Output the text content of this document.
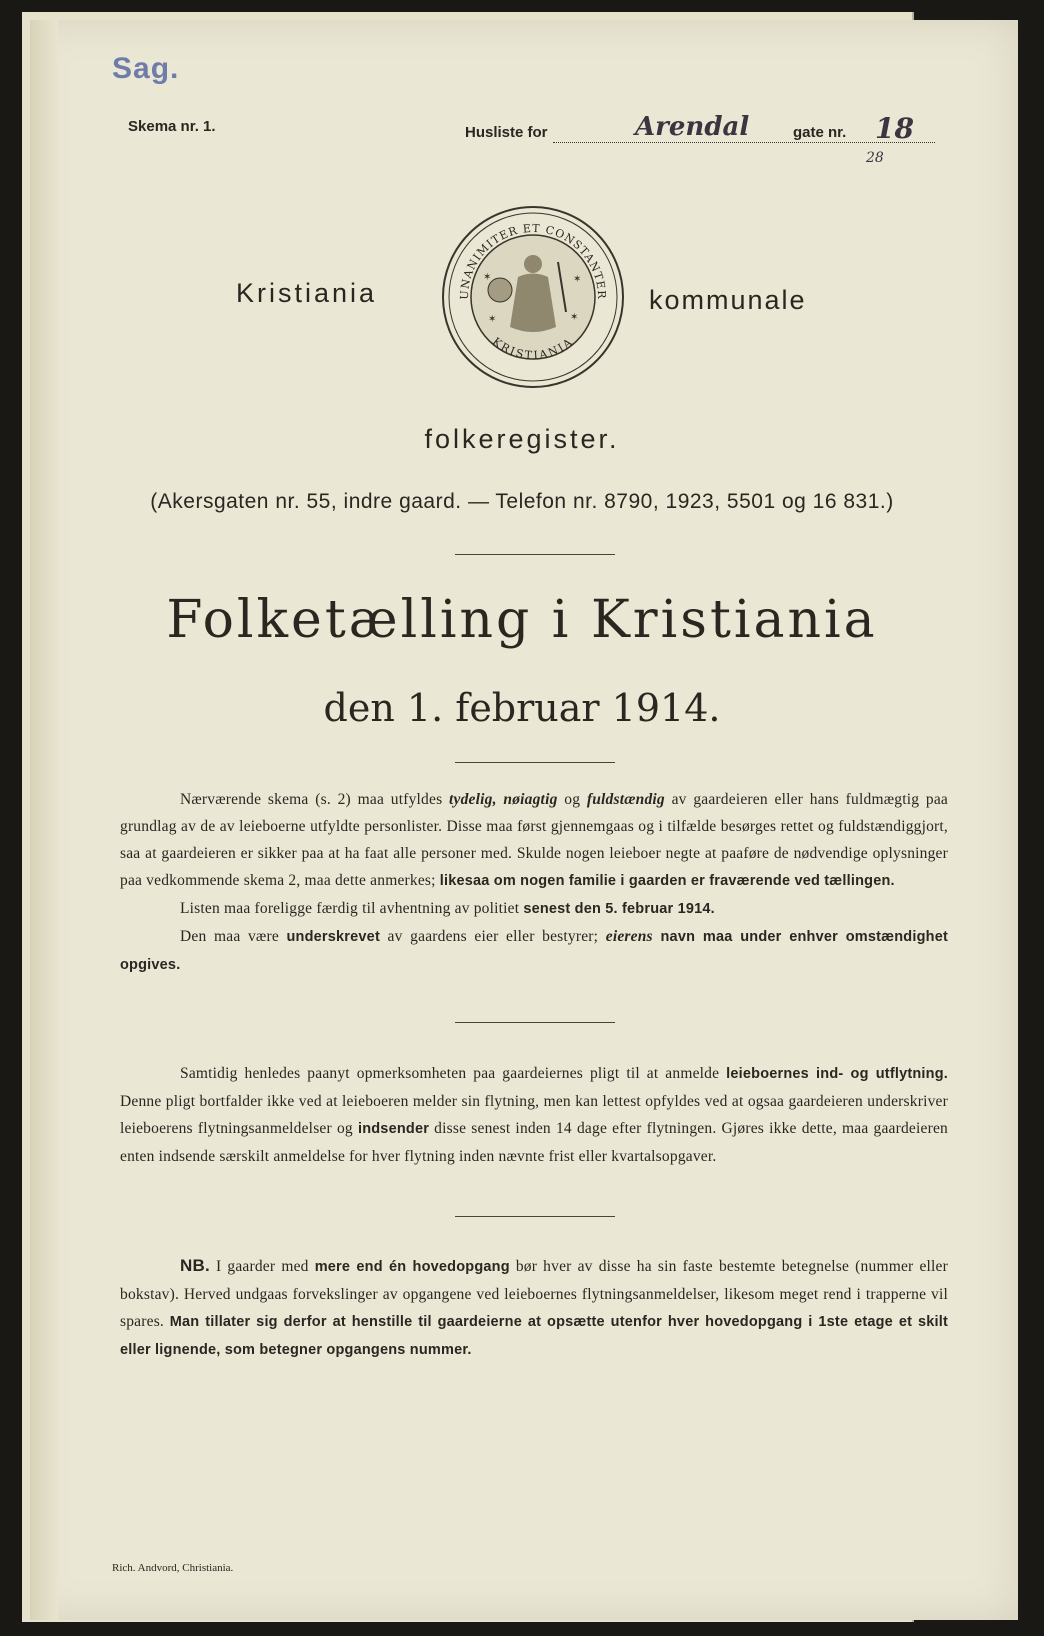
Sag.
Skema nr. 1.	Husliste for	Arendal	gate nr. 18
28
Kristiania	kommunale
UNANIMITER ET CONSTANTER
KRISTIANIA
✶	✶
✶	✶
folkeregister.
(Akersgaten nr. 55, indre gaard. — Telefon nr. 8790, 1923, 5501 og 16 831.)
Folketælling i Kristiania
den 1. februar 1914.

Nærværende skema (s. 2) maa utfyldes tydelig, nøiagtig og fuldstændig av gaardeieren eller hans fuldmægtig paa grundlag av de av leieboerne utfyldte personlister. Disse maa først gjennemgaas og i tilfælde besørges rettet og fuldstændiggjort, saa at gaardeieren er sikker paa at ha faat alle personer med. Skulde nogen leieboer negte at paaføre de nødvendige oplysninger paa vedkommende skema 2, maa dette anmerkes; likesaa om nogen familie i gaarden er fraværende ved tællingen.

Listen maa foreligge færdig til avhentning av politiet senest den 5. februar 1914.

Den maa være underskrevet av gaardens eier eller bestyrer; eierens navn maa under enhver omstændighet opgives.

Samtidig henledes paanyt opmerksomheten paa gaardeiernes pligt til at anmelde leieboernes ind- og utflytning. Denne pligt bortfalder ikke ved at leieboeren melder sin flytning, men kan lettest opfyldes ved at ogsaa gaardeieren underskriver leieboerens flytningsanmeldelser og indsender disse senest inden 14 dage efter flytningen. Gjøres ikke dette, maa gaardeieren enten indsende særskilt anmeldelse for hver flytning inden nævnte frist eller kvartalsopgaver.

NB. I gaarder med mere end én hovedopgang bør hver av disse ha sin faste bestemte betegnelse (nummer eller bokstav). Herved undgaas forvekslinger av opgangene ved leieboernes flytningsanmeldelser, likesom meget rend i trapperne vil spares. Man tillater sig derfor at henstille til gaardeierne at opsætte utenfor hver hovedopgang i 1ste etage et skilt eller lignende, som betegner opgangens nummer.

Rich. Andvord, Christiania.
